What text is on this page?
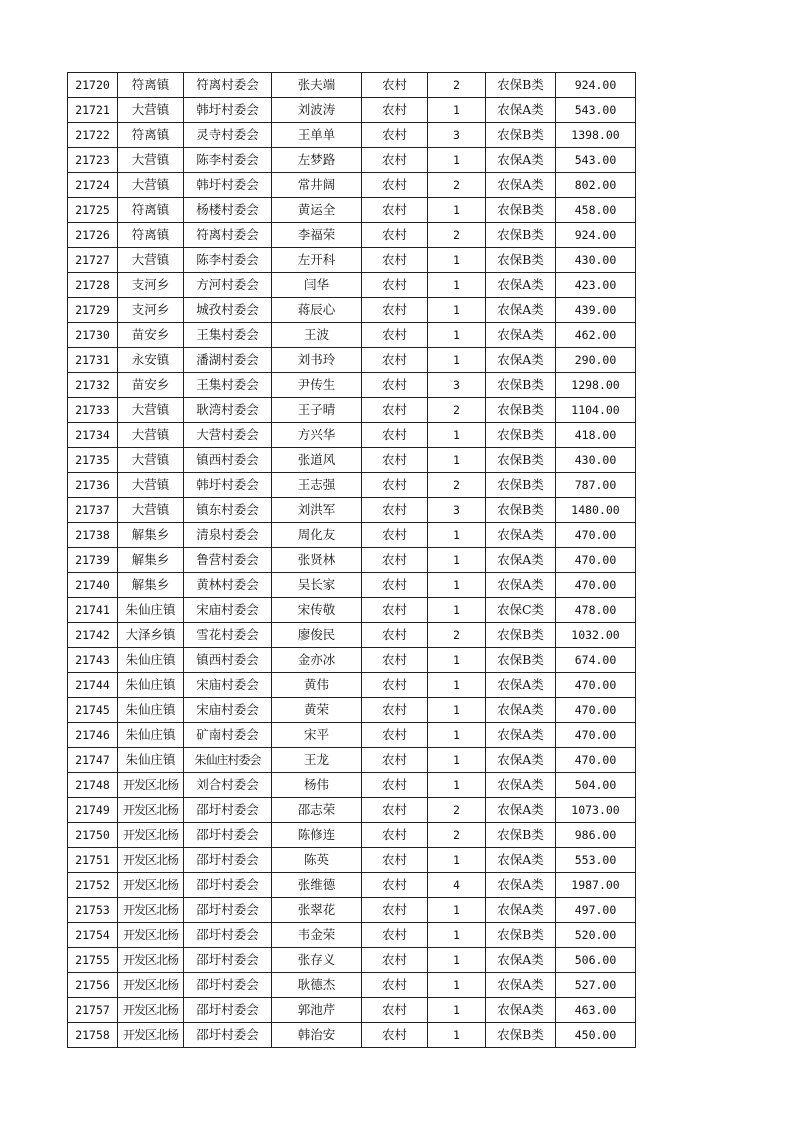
21720	符离镇	符离村委会	张夫端	农村	2	农保B类	924.00
21721	大营镇	韩圩村委会	刘波涛	农村	1	农保A类	543.00
21722	符离镇	灵寺村委会	王单单	农村	3	农保B类	1398.00
21723	大营镇	陈李村委会	左梦路	农村	1	农保A类	543.00
21724	大营镇	韩圩村委会	常井阔	农村	2	农保A类	802.00
21725	符离镇	杨楼村委会	黄运全	农村	1	农保B类	458.00
21726	符离镇	符离村委会	李福荣	农村	2	农保B类	924.00
21727	大营镇	陈李村委会	左开科	农村	1	农保B类	430.00
21728	支河乡	方河村委会	闫华	农村	1	农保A类	423.00
21729	支河乡	城孜村委会	蒋辰心	农村	1	农保A类	439.00
21730	苗安乡	王集村委会	王波	农村	1	农保A类	462.00
21731	永安镇	潘湖村委会	刘书玲	农村	1	农保A类	290.00
21732	苗安乡	王集村委会	尹传生	农村	3	农保B类	1298.00
21733	大营镇	耿湾村委会	王子晴	农村	2	农保B类	1104.00
21734	大营镇	大营村委会	方兴华	农村	1	农保B类	418.00
21735	大营镇	镇西村委会	张道风	农村	1	农保B类	430.00
21736	大营镇	韩圩村委会	王志强	农村	2	农保B类	787.00
21737	大营镇	镇东村委会	刘洪军	农村	3	农保B类	1480.00
21738	解集乡	清泉村委会	周化友	农村	1	农保A类	470.00
21739	解集乡	鲁营村委会	张贤林	农村	1	农保A类	470.00
21740	解集乡	黄林村委会	吴长家	农村	1	农保A类	470.00
21741	朱仙庄镇	宋庙村委会	宋传敬	农村	1	农保C类	478.00
21742	大泽乡镇	雪花村委会	廖俊民	农村	2	农保B类	1032.00
21743	朱仙庄镇	镇西村委会	金亦冰	农村	1	农保B类	674.00
21744	朱仙庄镇	宋庙村委会	黄伟	农村	1	农保A类	470.00
21745	朱仙庄镇	宋庙村委会	黄荣	农村	1	农保A类	470.00
21746	朱仙庄镇	矿南村委会	宋平	农村	1	农保A类	470.00
21747	朱仙庄镇	朱仙庄村委会	王龙	农村	1	农保A类	470.00
21748	开发区北杨	刘合村委会	杨伟	农村	1	农保A类	504.00
21749	开发区北杨	邵圩村委会	邵志荣	农村	2	农保A类	1073.00
21750	开发区北杨	邵圩村委会	陈修连	农村	2	农保B类	986.00
21751	开发区北杨	邵圩村委会	陈英	农村	1	农保A类	553.00
21752	开发区北杨	邵圩村委会	张维德	农村	4	农保A类	1987.00
21753	开发区北杨	邵圩村委会	张翠花	农村	1	农保A类	497.00
21754	开发区北杨	邵圩村委会	韦金荣	农村	1	农保B类	520.00
21755	开发区北杨	邵圩村委会	张存义	农村	1	农保A类	506.00
21756	开发区北杨	邵圩村委会	耿德杰	农村	1	农保A类	527.00
21757	开发区北杨	邵圩村委会	郭池芹	农村	1	农保A类	463.00
21758	开发区北杨	邵圩村委会	韩治安	农村	1	农保B类	450.00
